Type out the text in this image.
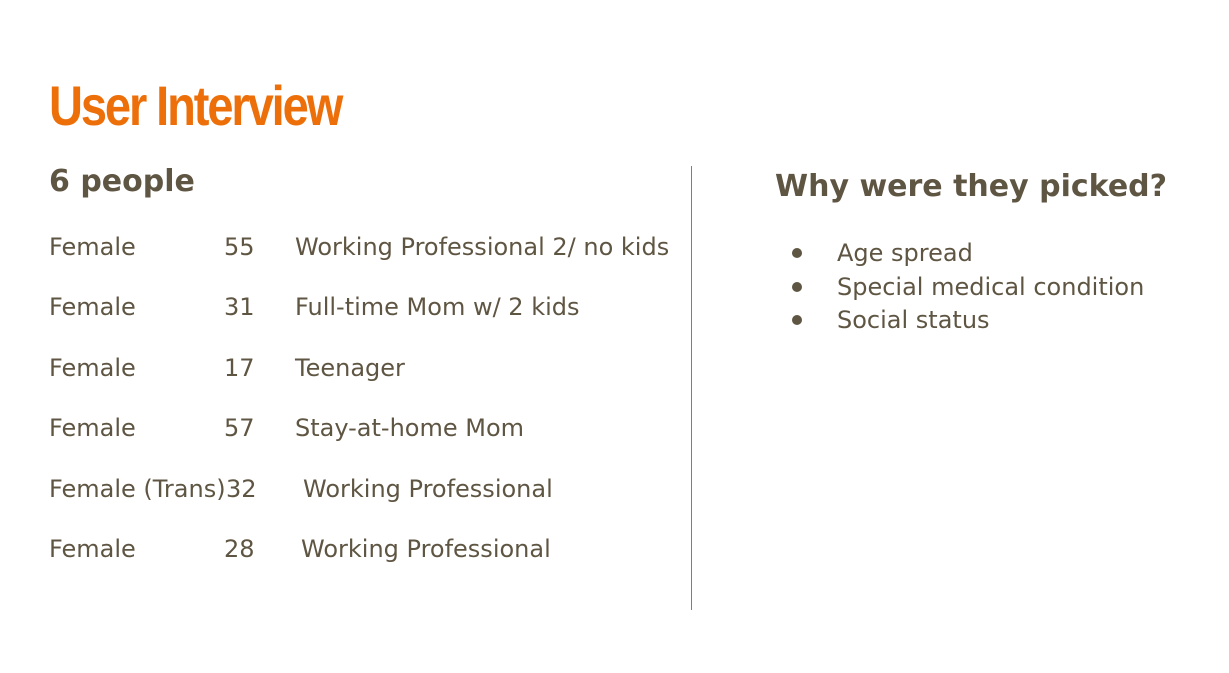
User Interview
6 people
Female	55 Working Professional 2/ no kids
Female	31 Full-time Mom w/ 2 kids
Female	17 Teenager
Female	57 Stay-at-home Mom
Female (Trans) 32 Working Professional
Female	28 Working Professional
Why were they picked?
Age spread
Special medical condition
Social status
